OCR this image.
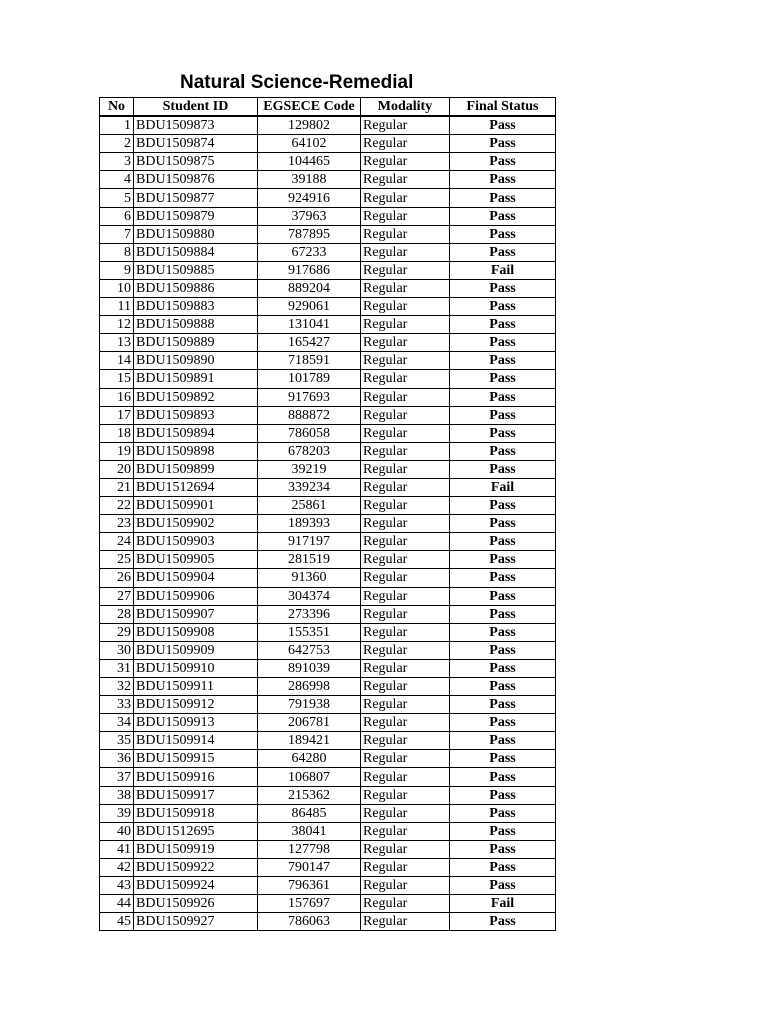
Natural Science-Remedial
No	Student ID	EGSECE Code	Modality	Final Status
1	BDU1509873	129802	Regular	Pass
2	BDU1509874	64102	Regular	Pass
3	BDU1509875	104465	Regular	Pass
4	BDU1509876	39188	Regular	Pass
5	BDU1509877	924916	Regular	Pass
6	BDU1509879	37963	Regular	Pass
7	BDU1509880	787895	Regular	Pass
8	BDU1509884	67233	Regular	Pass
9	BDU1509885	917686	Regular	Fail
10	BDU1509886	889204	Regular	Pass
11	BDU1509883	929061	Regular	Pass
12	BDU1509888	131041	Regular	Pass
13	BDU1509889	165427	Regular	Pass
14	BDU1509890	718591	Regular	Pass
15	BDU1509891	101789	Regular	Pass
16	BDU1509892	917693	Regular	Pass
17	BDU1509893	888872	Regular	Pass
18	BDU1509894	786058	Regular	Pass
19	BDU1509898	678203	Regular	Pass
20	BDU1509899	39219	Regular	Pass
21	BDU1512694	339234	Regular	Fail
22	BDU1509901	25861	Regular	Pass
23	BDU1509902	189393	Regular	Pass
24	BDU1509903	917197	Regular	Pass
25	BDU1509905	281519	Regular	Pass
26	BDU1509904	91360	Regular	Pass
27	BDU1509906	304374	Regular	Pass
28	BDU1509907	273396	Regular	Pass
29	BDU1509908	155351	Regular	Pass
30	BDU1509909	642753	Regular	Pass
31	BDU1509910	891039	Regular	Pass
32	BDU1509911	286998	Regular	Pass
33	BDU1509912	791938	Regular	Pass
34	BDU1509913	206781	Regular	Pass
35	BDU1509914	189421	Regular	Pass
36	BDU1509915	64280	Regular	Pass
37	BDU1509916	106807	Regular	Pass
38	BDU1509917	215362	Regular	Pass
39	BDU1509918	86485	Regular	Pass
40	BDU1512695	38041	Regular	Pass
41	BDU1509919	127798	Regular	Pass
42	BDU1509922	790147	Regular	Pass
43	BDU1509924	796361	Regular	Pass
44	BDU1509926	157697	Regular	Fail
45	BDU1509927	786063	Regular	Pass
